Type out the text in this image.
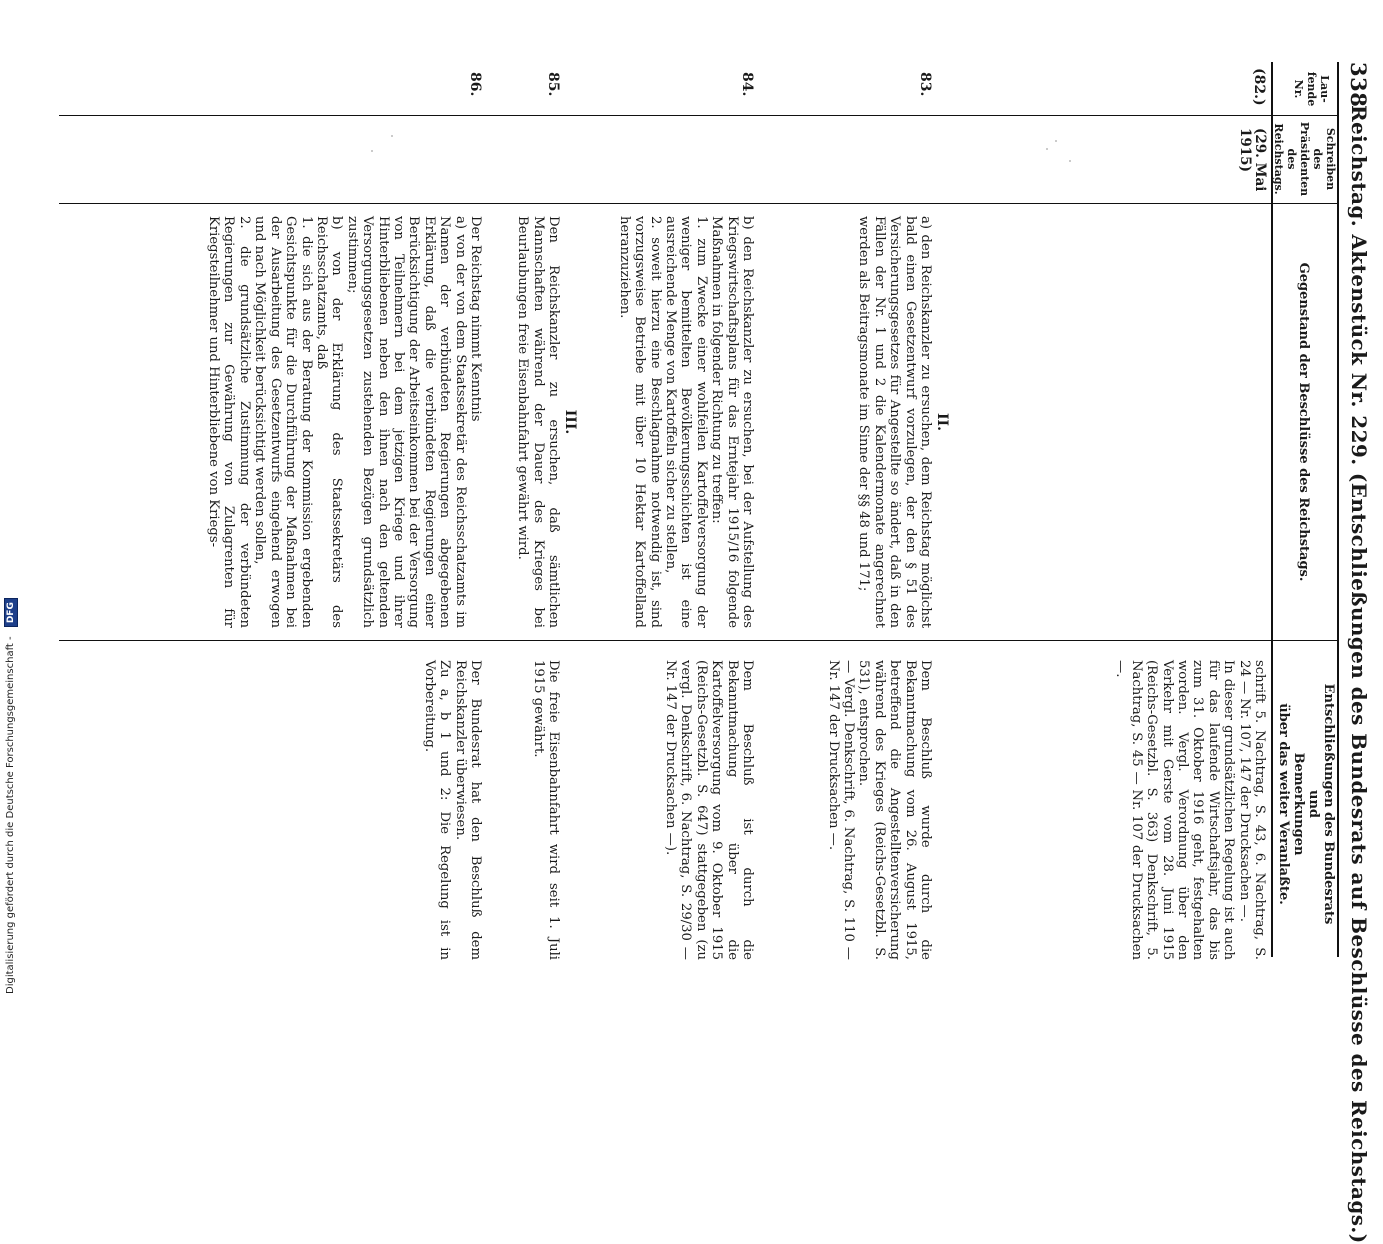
338
Reichstag. Aktenstück Nr. 229. (Entschließungen des Bundesrats auf Beschlüsse des Reichstags.)
Lau-
fende
Nr.
Schreiben
des
Präsidenten
des
Reichstags.
Gegenstand der Beschlüsse des Reichstags.
Entschließungen des Bundesrats
und
Bemerkungen
über das weiter Veranlaßte.
(82.)
(29. Mai
1915)
schrift 5. Nachtrag, S. 43, 6. Nachtrag, S. 24 — Nr. 107, 147 der Drucksachen —.
In dieser grundsätzlichen Regelung ist auch für das laufende Wirtschaftsjahr, das bis zum 31. Oktober 1916 geht, festgehalten worden. Vergl. Verordnung über den Verkehr mit Gerste vom 28. Juni 1915 (Reichs-Gesetzbl. S. 363) Denkschrift, 5. Nachtrag, S. 45 — Nr. 107 der Drucksachen —.
II.
83.
a) den Reichskanzler zu ersuchen, dem Reichstag möglichst bald einen Gesetzentwurf vorzulegen, der den § 51 des Versicherungsgesetzes für Angestellte so ändert, daß in den Fällen der Nr. 1 und 2 die Kalendermonate angerechnet werden als Beitragsmonate im Sinne der §§ 48 und 171;
Dem Beschluß wurde durch die Bekanntmachung vom 26. August 1915, betreffend die Angestelltenversicherung während des Krieges (Reichs-Gesetzbl. S. 531), entsprochen.
— Vergl. Denkschrift, 6. Nachtrag, S. 110 — Nr. 147 der Drucksachen —.
84.
b) den Reichskanzler zu ersuchen, bei der Aufstellung des Kriegswirtschaftsplans für das Erntejahr 1915/16 folgende Maßnahmen in folgender Richtung zu treffen:
1. zum Zwecke einer wohlfeilen Kartoffelversorgung der weniger bemittelten Bevölkerungsschichten ist eine ausreichende Menge von Kartoffeln sicher zu stellen,
2. soweit hierzu eine Beschlagnahme notwendig ist, sind vorzugsweise Betriebe mit über 10 Hektar Kartoffelland heranzuziehen.
Dem Beschluß ist durch die Bekanntmachung über die Kartoffelversorgung vom 9. Oktober 1915 (Reichs-Gesetzbl. S. 647) stattgegeben (zu vergl. Denkschrift, 6. Nachtrag, S. 29/30 — Nr. 147 der Drucksachen —).
III.
85.
Den Reichskanzler zu ersuchen, daß sämtlichen Mannschaften während der Dauer des Krieges bei Beurlaubungen freie Eisenbahnfahrt gewährt wird.
Die freie Eisenbahnfahrt wird seit 1. Juli 1915 gewährt.
86.
Der Reichstag nimmt Kenntnis
a) von der von dem Staatssekretär des Reichsschatzamts im Namen der verbündeten Regierungen abgegebenen Erklärung, daß die verbündeten Regierungen einer Berücksichtigung der Arbeitseinkommen bei der Versorgung von Teilnehmern bei dem jetzigen Kriege und ihrer Hinterbliebenen neben den ihnen nach den geltenden Versorgungsgesetzen zustehenden Bezügen grundsätzlich zustimmen;
b) von der Erklärung des Staatssekretärs des Reichsschatzamts, daß
1. die sich aus der Beratung der Kommission ergebenden Gesichtspunkte für die Durchführung der Maßnahmen bei der Ausarbeitung des Gesetzentwurfs eingehend erwogen und nach Möglichkeit berücksichtigt werden sollen,
2. die grundsätzliche Zustimmung der verbündeten Regierungen zur Gewährung von Zulagrenten für Kriegsteilnehmer und Hinterbliebene von Kriegs-
Der Bundesrat hat den Beschluß dem Reichskanzler überwiesen.
Zu a, b 1 und 2: Die Regelung ist in Vorbereitung.
Digitalisierung gefördert durch die Deutsche Forschungsgemeinschaft - DFG
